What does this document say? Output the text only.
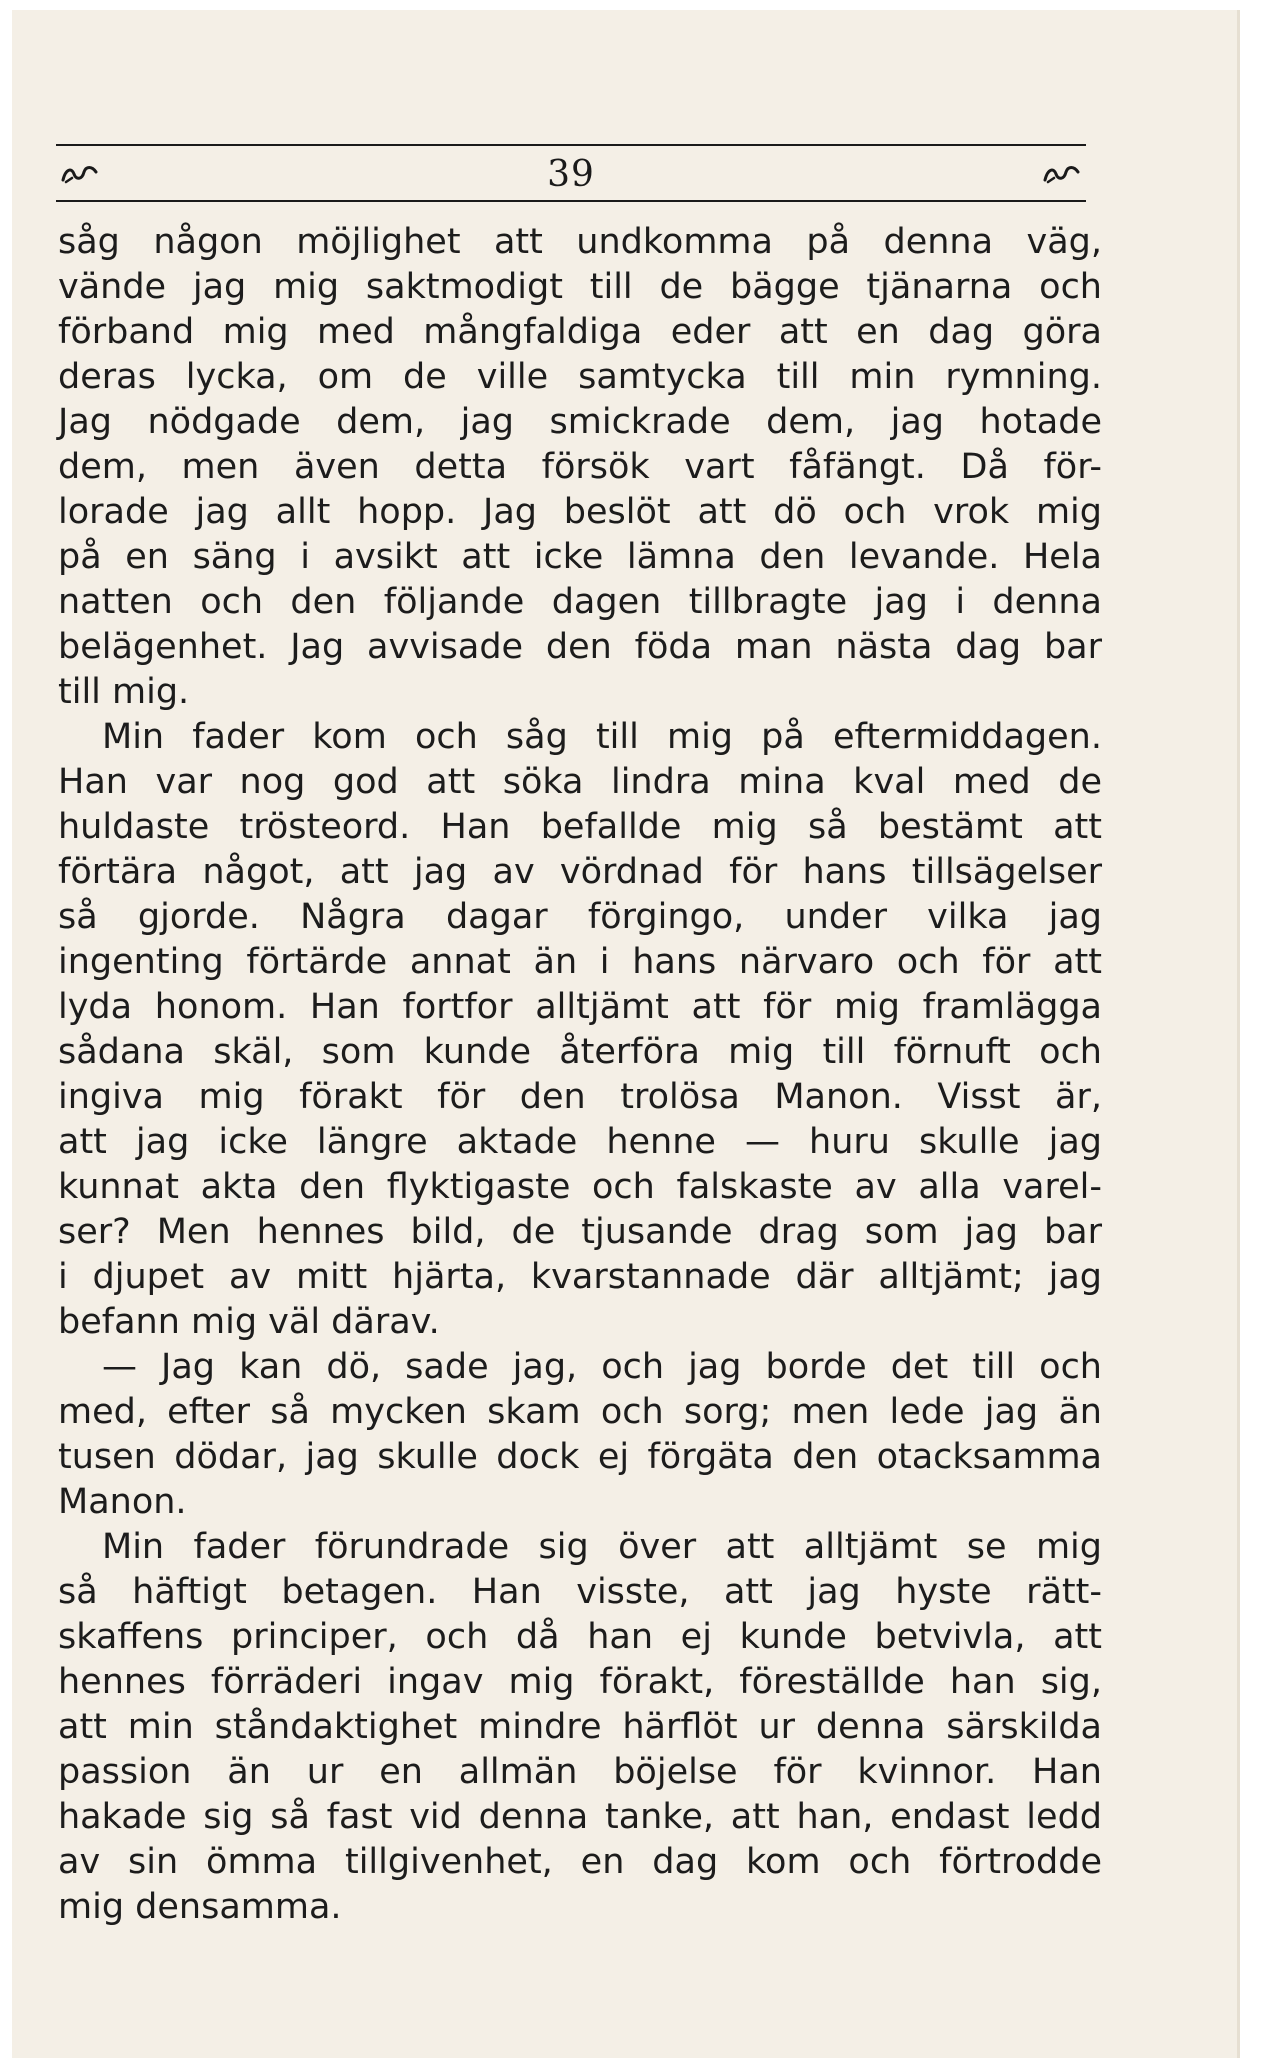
39
såg någon möjlighet att undkomma på denna väg,
vände jag mig saktmodigt till de bägge tjänarna och
förband mig med mångfaldiga eder att en dag göra
deras lycka, om de ville samtycka till min rymning.
Jag nödgade dem, jag smickrade dem, jag hotade
dem, men även detta försök vart fåfängt. Då för-
lorade jag allt hopp. Jag beslöt att dö och vrok mig
på en säng i avsikt att icke lämna den levande. Hela
natten och den följande dagen tillbragte jag i denna
belägenhet. Jag avvisade den föda man nästa dag bar
till mig.
Min fader kom och såg till mig på eftermiddagen.
Han var nog god att söka lindra mina kval med de
huldaste trösteord. Han befallde mig så bestämt att
förtära något, att jag av vördnad för hans tillsägelser
så gjorde. Några dagar förgingo, under vilka jag
ingenting förtärde annat än i hans närvaro och för att
lyda honom. Han fortfor alltjämt att för mig framlägga
sådana skäl, som kunde återföra mig till förnuft och
ingiva mig förakt för den trolösa Manon. Visst är,
att jag icke längre aktade henne — huru skulle jag
kunnat akta den flyktigaste och falskaste av alla varel-
ser? Men hennes bild, de tjusande drag som jag bar
i djupet av mitt hjärta, kvarstannade där alltjämt; jag
befann mig väl därav.
— Jag kan dö, sade jag, och jag borde det till och
med, efter så mycken skam och sorg; men lede jag än
tusen dödar, jag skulle dock ej förgäta den otacksamma
Manon.
Min fader förundrade sig över att alltjämt se mig
så häftigt betagen. Han visste, att jag hyste rätt-
skaffens principer, och då han ej kunde betvivla, att
hennes förräderi ingav mig förakt, föreställde han sig,
att min ståndaktighet mindre härflöt ur denna särskilda
passion än ur en allmän böjelse för kvinnor. Han
hakade sig så fast vid denna tanke, att han, endast ledd
av sin ömma tillgivenhet, en dag kom och förtrodde
mig densamma.
